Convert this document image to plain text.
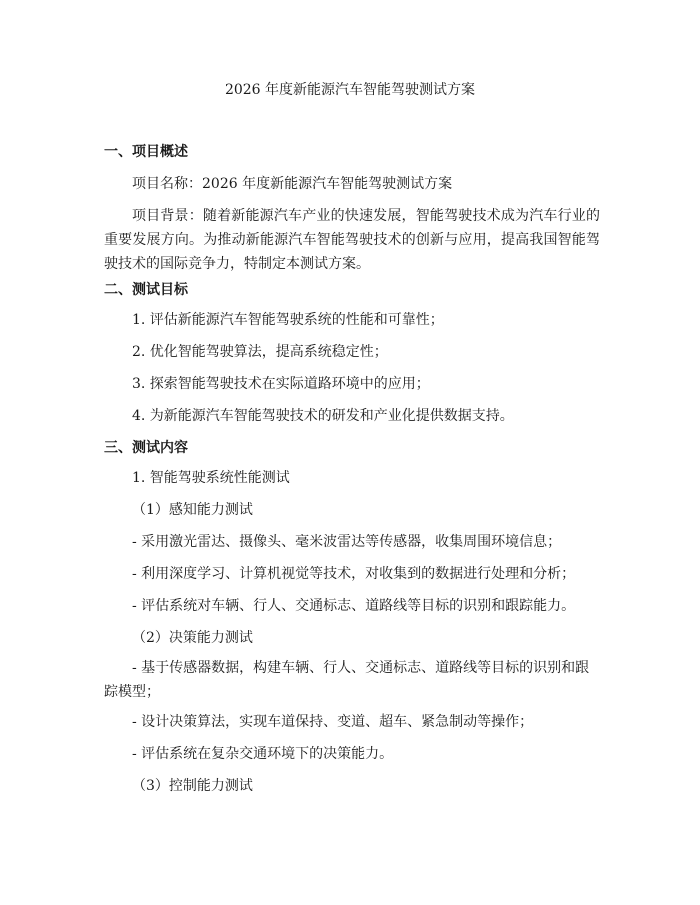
2026 年度新能源汽车智能驾驶测试方案
一、项目概述
项目名称：2026 年度新能源汽车智能驾驶测试方案
项目背景：随着新能源汽车产业的快速发展，智能驾驶技术成为汽车行业的重要发展方向。为推动新能源汽车智能驾驶技术的创新与应用，提高我国智能驾驶技术的国际竞争力，特制定本测试方案。
二、测试目标
1. 评估新能源汽车智能驾驶系统的性能和可靠性；
2. 优化智能驾驶算法，提高系统稳定性；
3. 探索智能驾驶技术在实际道路环境中的应用；
4. 为新能源汽车智能驾驶技术的研发和产业化提供数据支持。
三、测试内容
1. 智能驾驶系统性能测试
（1）感知能力测试
- 采用激光雷达、摄像头、毫米波雷达等传感器，收集周围环境信息；
- 利用深度学习、计算机视觉等技术，对收集到的数据进行处理和分析；
- 评估系统对车辆、行人、交通标志、道路线等目标的识别和跟踪能力。
（2）决策能力测试
- 基于传感器数据，构建车辆、行人、交通标志、道路线等目标的识别和跟踪模型；
- 设计决策算法，实现车道保持、变道、超车、紧急制动等操作；
- 评估系统在复杂交通环境下的决策能力。
（3）控制能力测试
